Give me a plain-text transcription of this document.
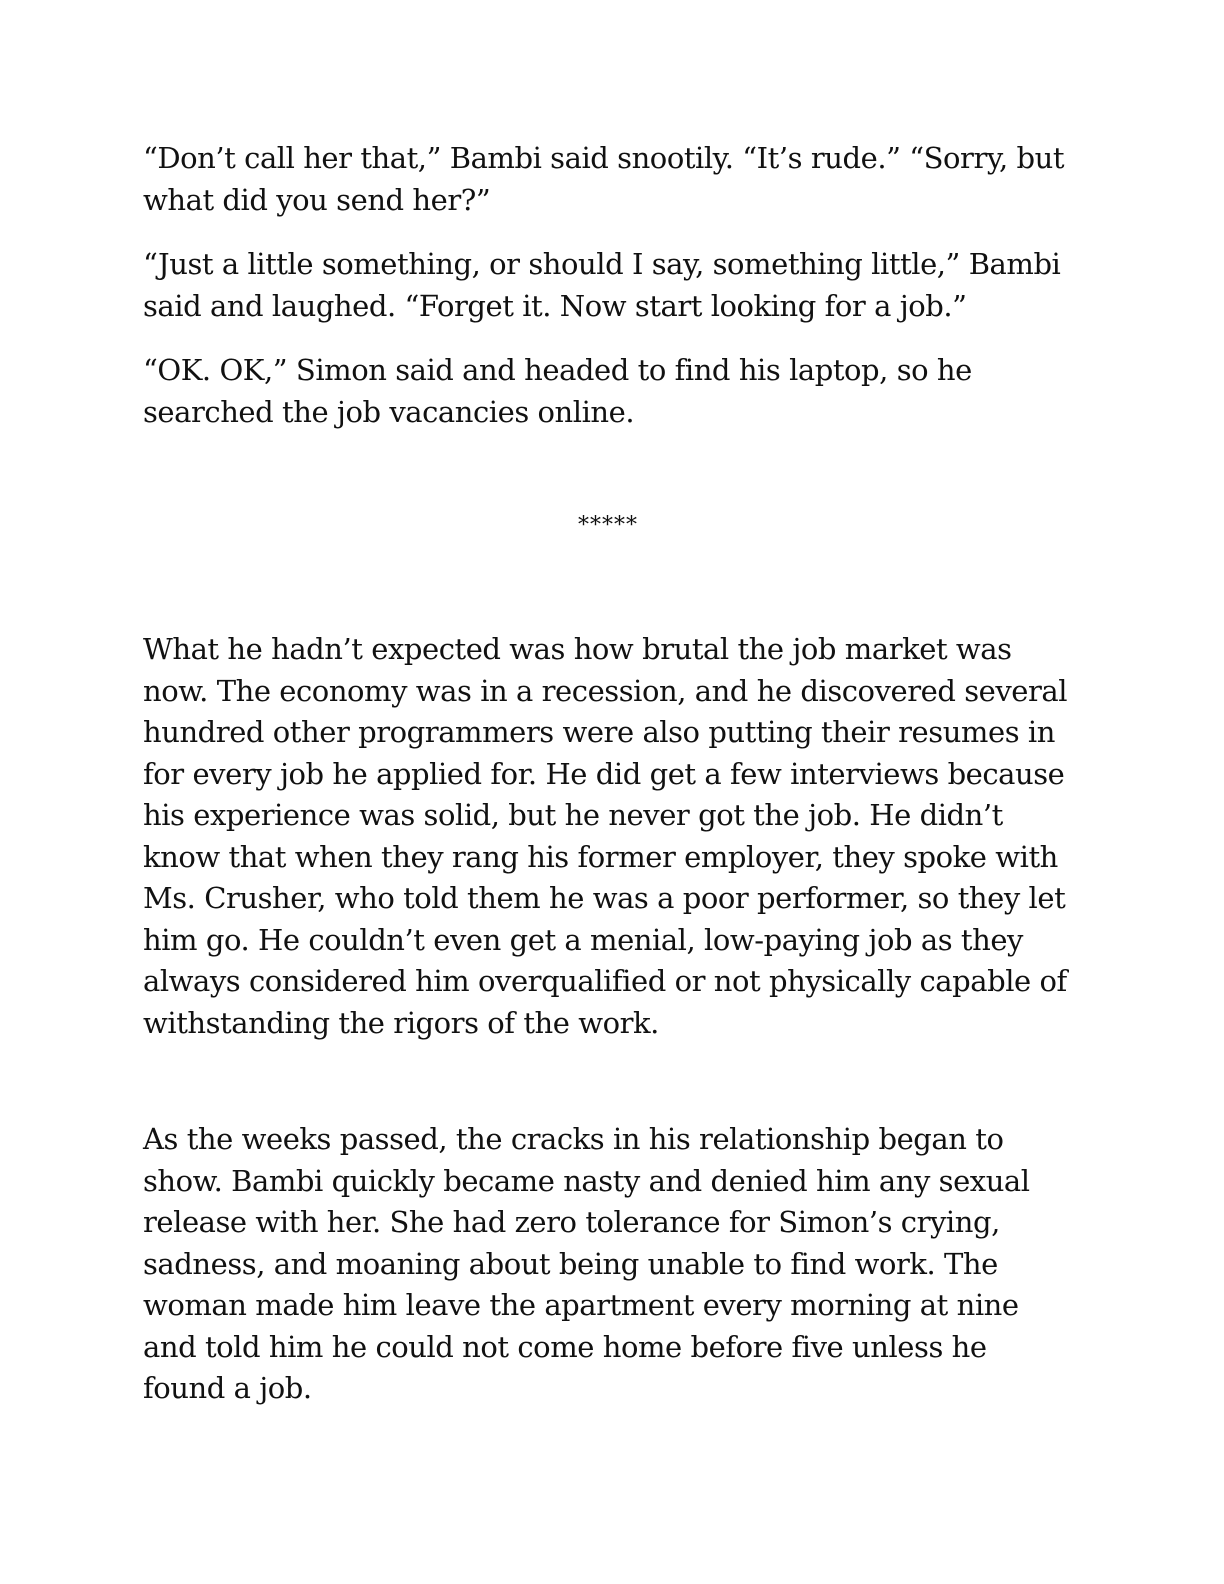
“Don’t call her that,” Bambi said snootily. “It’s rude.” “Sorry, but what did you send her?”

“Just a little something, or should I say, something little,” Bambi said and laughed. “Forget it. Now start looking for a job.”

“OK. OK,” Simon said and headed to find his laptop, so he searched the job vacancies online.

*****

What he hadn’t expected was how brutal the job market was now. The economy was in a recession, and he discovered several hundred other programmers were also putting their resumes in for every job he applied for. He did get a few interviews because his experience was solid, but he never got the job. He didn’t know that when they rang his former employer, they spoke with Ms. Crusher, who told them he was a poor performer, so they let him go. He couldn’t even get a menial, low-paying job as they always considered him overqualified or not physically capable of withstanding the rigors of the work.

As the weeks passed, the cracks in his relationship began to show. Bambi quickly became nasty and denied him any sexual release with her. She had zero tolerance for Simon’s crying, sadness, and moaning about being unable to find work. The woman made him leave the apartment every morning at nine and told him he could not come home before five unless he found a job.
